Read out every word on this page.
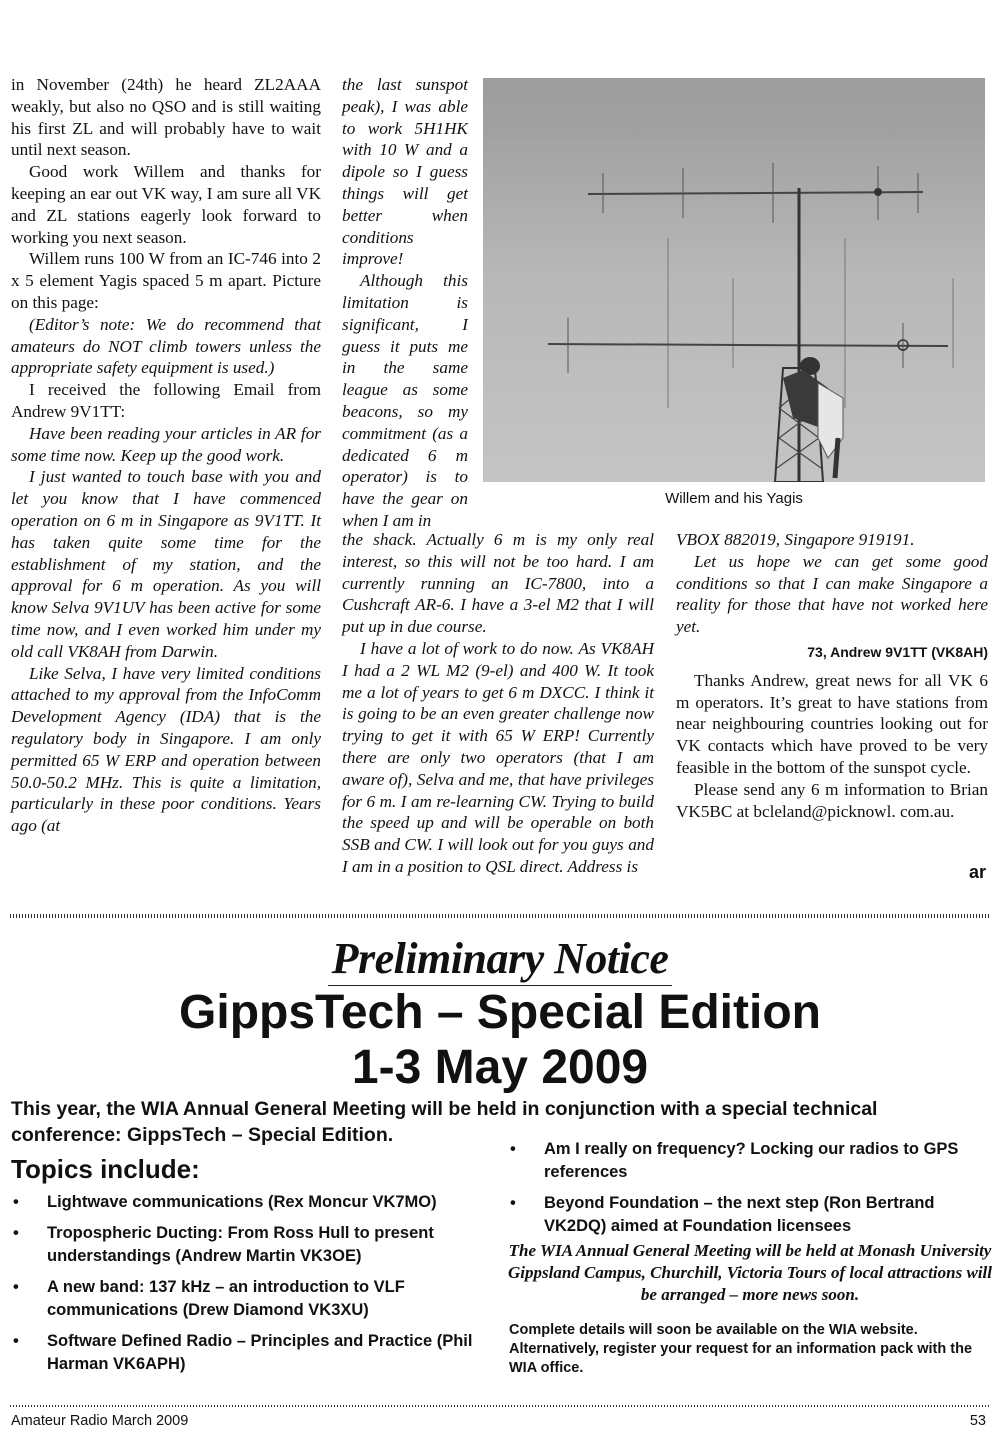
in November (24th) he heard ZL2AAA weakly, but also no QSO and is still waiting his first ZL and will probably have to wait until next season.

Good work Willem and thanks for keeping an ear out VK way, I am sure all VK and ZL stations eagerly look forward to working you next season.

Willem runs 100 W from an IC-746 into 2 x 5 element Yagis spaced 5 m apart. Picture on this page:

(Editor’s note: We do recommend that amateurs do NOT climb towers unless the appropriate safety equipment is used.)

I received the following Email from Andrew 9V1TT:

Have been reading your articles in AR for some time now. Keep up the good work.

I just wanted to touch base with you and let you know that I have commenced operation on 6 m in Singapore as 9V1TT. It has taken quite some time for the establishment of my station, and the approval for 6 m operation. As you will know Selva 9V1UV has been active for some time now, and I even worked him under my old call VK8AH from Darwin.

Like Selva, I have very limited conditions attached to my approval from the InfoComm Development Agency (IDA) that is the regulatory body in Singapore. I am only permitted 65 W ERP and operation between 50.0-50.2 MHz. This is quite a limitation, particularly in these poor conditions. Years ago (at

the last sunspot peak), I was able to work 5H1HK with 10 W and a dipole so I guess things will get better when conditions improve!

Although this limitation is significant, I guess it puts me in the same league as some beacons, so my commitment (as a dedicated 6 m operator) is to have the gear on when I am in

the shack. Actually 6 m is my only real interest, so this will not be too hard. I am currently running an IC-7800, into a Cushcraft AR-6. I have a 3-el M2 that I will put up in due course.

I have a lot of work to do now. As VK8AH I had a 2 WL M2 (9-el) and 400 W. It took me a lot of years to get 6 m DXCC. I think it is going to be an even greater challenge now trying to get it with 65 W ERP! Currently there are only two operators (that I am aware of), Selva and me, that have privileges for 6 m. I am re-learning CW. Trying to build the speed up and will be operable on both SSB and CW. I will look out for you guys and I am in a position to QSL direct. Address is

VBOX 882019, Singapore 919191.

Let us hope we can get some good conditions so that I can make Singapore a reality for those that have not worked here yet.

73, Andrew 9V1TT (VK8AH)

Thanks Andrew, great news for all VK 6 m operators. It’s great to have stations from near neighbouring countries looking out for VK contacts which have proved to be very feasible in the bottom of the sunspot cycle.

Please send any 6 m information to Brian VK5BC at bcleland@picknowl. com.au.

ar
Willem and his Yagis
Preliminary Notice
GippsTech – Special Edition
1-3 May 2009
This year, the WIA Annual General Meeting will be held in conjunction with a special technical conference: GippsTech – Special Edition.
Topics include:
• Lightwave communications (Rex Moncur VK7MO)
• Tropospheric Ducting: From Ross Hull to present understandings (Andrew Martin VK3OE)
• A new band: 137 kHz – an introduction to VLF communications (Drew Diamond VK3XU)
• Software Defined Radio – Principles and Practice (Phil Harman VK6APH)
• Am I really on frequency? Locking our radios to GPS references
• Beyond Foundation – the next step (Ron Bertrand VK2DQ) aimed at Foundation licensees
The WIA Annual General Meeting will be held at Monash University Gippsland Campus, Churchill, Victoria Tours of local attractions will be arranged – more news soon.
Complete details will soon be available on the WIA website. Alternatively, register your request for an information pack with the WIA office.
Amateur Radio March 2009	53
